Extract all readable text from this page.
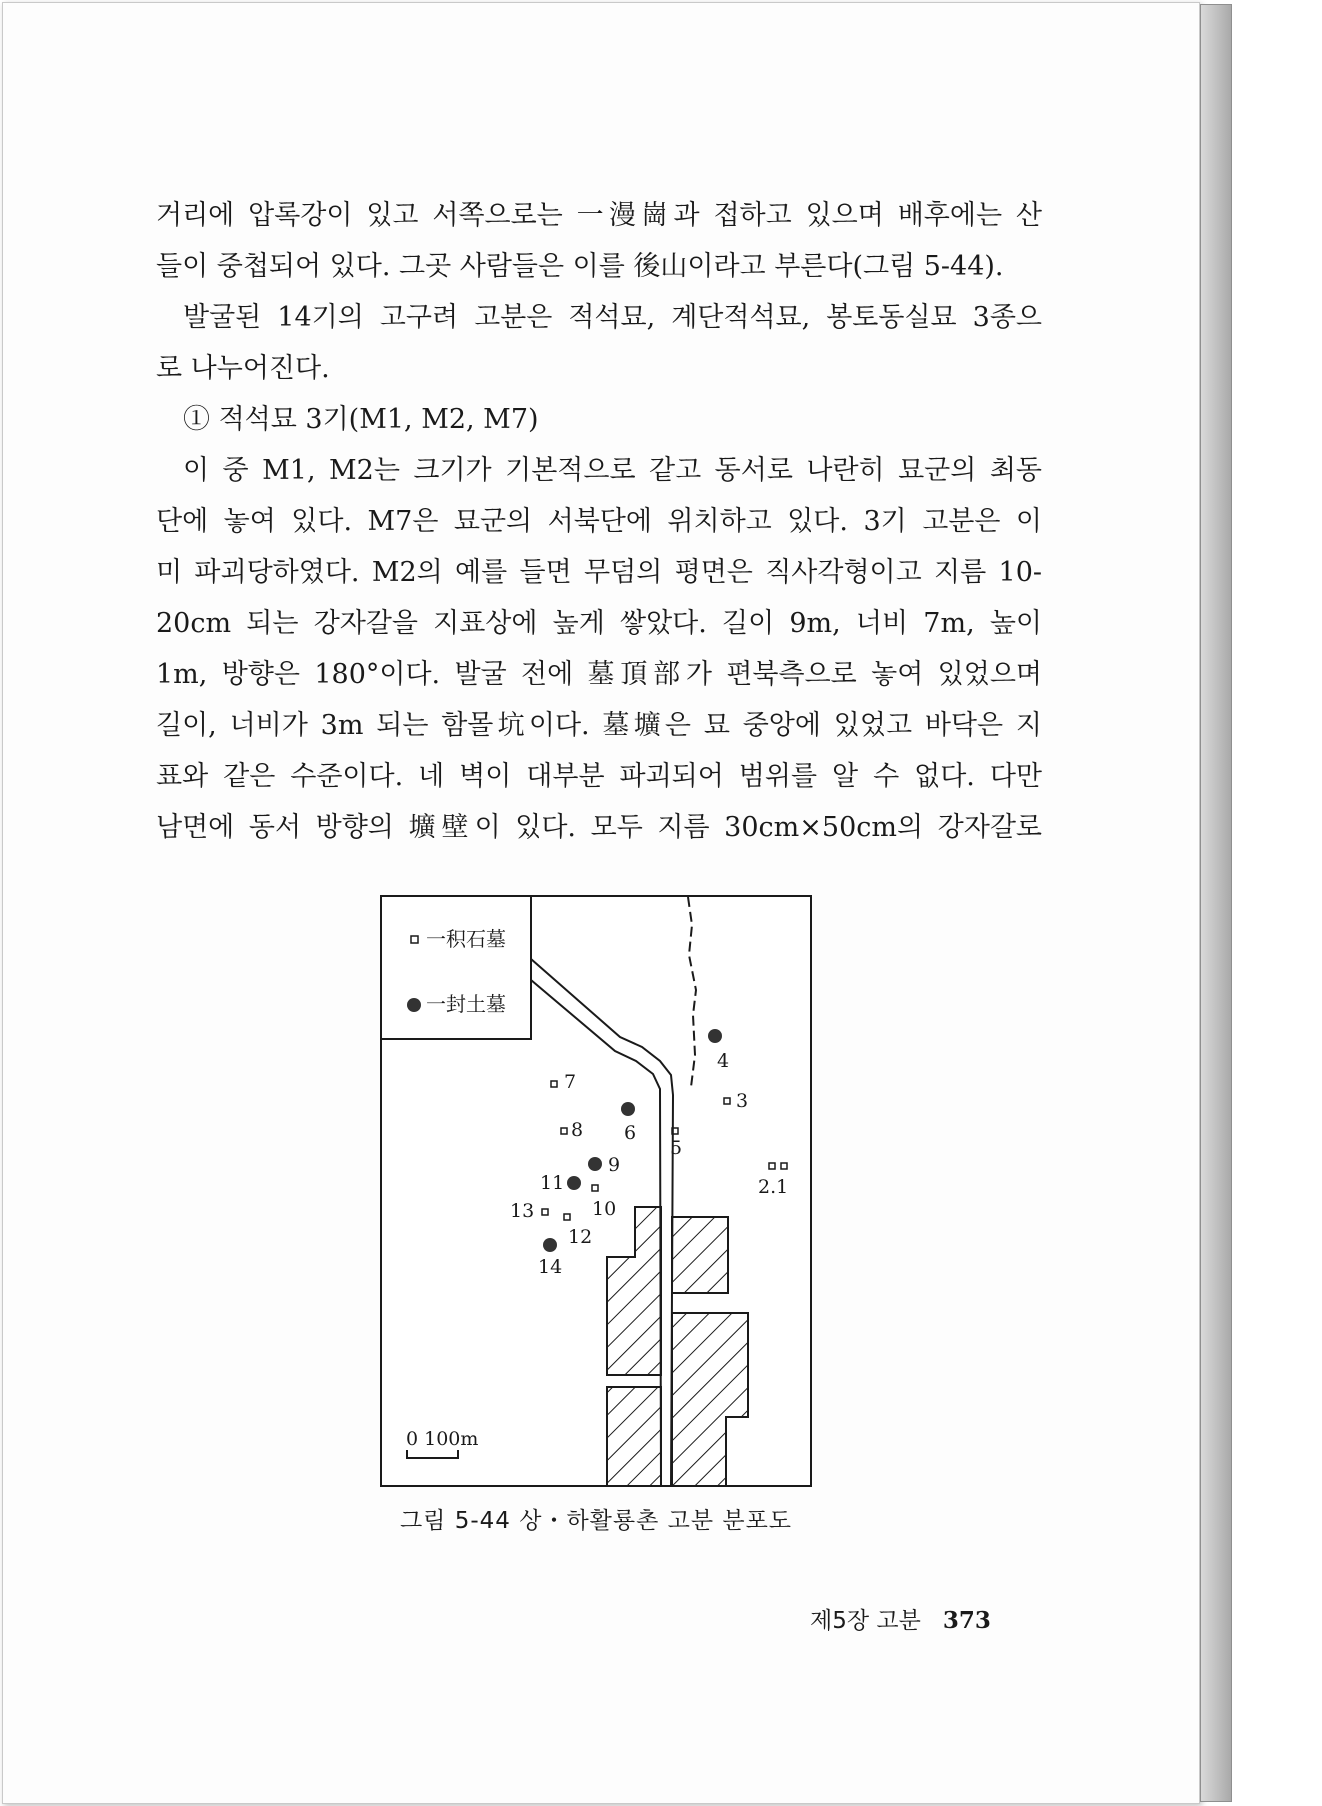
거리에 압록강이 있고 서쪽으로는 一漫崗과 접하고 있으며 배후에는 산

들이 중첩되어 있다. 그곳 사람들은 이를 後山이라고 부른다(그림 5-44).

발굴된 14기의 고구려 고분은 적석묘, 계단적석묘, 봉토동실묘 3종으

로 나누어진다.

① 적석묘 3기(M1, M2, M7)

이 중 M1, M2는 크기가 기본적으로 같고 동서로 나란히 묘군의 최동

단에 놓여 있다. M7은 묘군의 서북단에 위치하고 있다. 3기 고분은 이

미 파괴당하였다. M2의 예를 들면 무덤의 평면은 직사각형이고 지름 10-

20cm 되는 강자갈을 지표상에 높게 쌓았다. 길이 9m, 너비 7m, 높이

1m, 방향은 180°이다. 발굴 전에 墓頂部가 편북측으로 놓여 있었으며

길이, 너비가 3m 되는 함몰坑이다. 墓壙은 묘 중앙에 있었고 바닥은 지

표와 같은 수준이다. 네 벽이 대부분 파괴되어 범위를 알 수 없다. 다만

남면에 동서 방향의 壙壁이 있다. 모두 지름 30cm×50cm의 강자갈로

一积石墓
一封土墓
4
7
3
6
8
5
9
11	2.1
10
13
12
14
0 100m
그림 5-44 상・하활룡촌 고분 분포도
제5장 고분 373
